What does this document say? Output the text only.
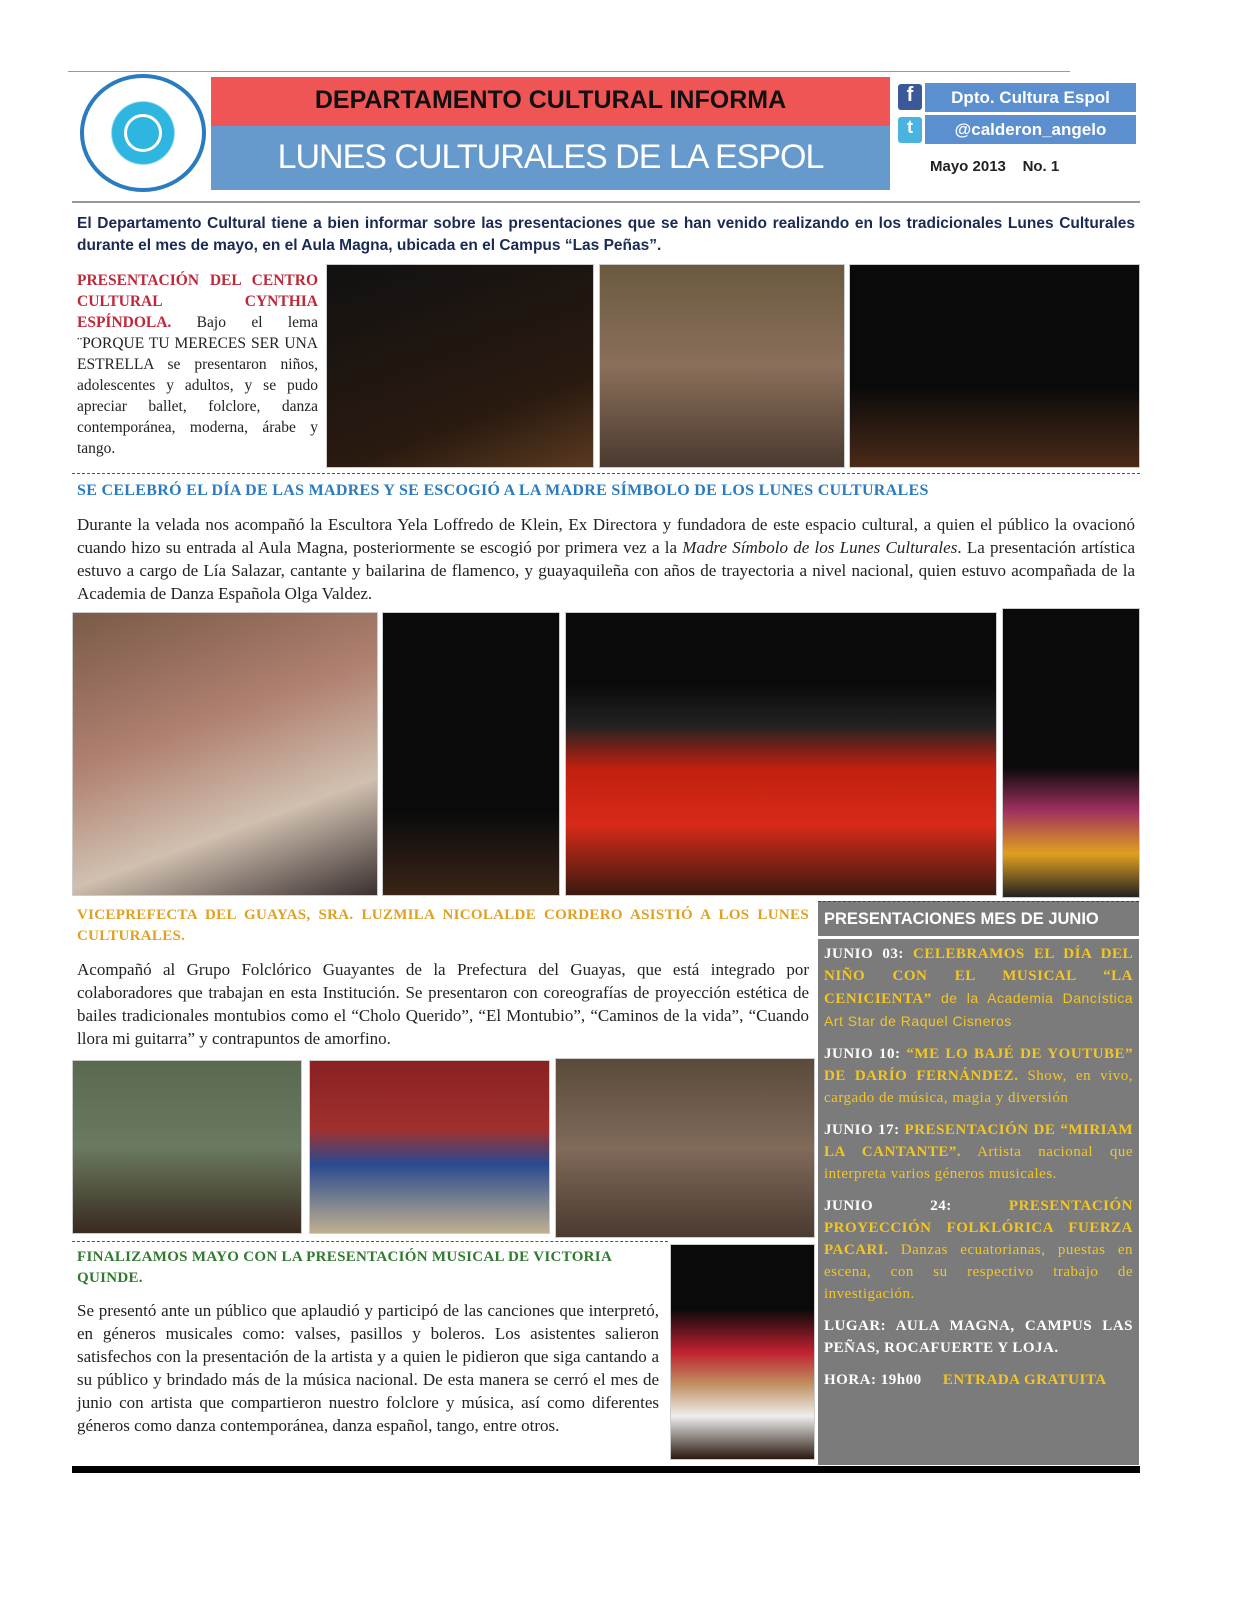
DEPARTAMENTO CULTURAL INFORMA
LUNES CULTURALES DE LA ESPOL
f	Dpto. Cultura Espol
t	@calderon_angelo
Mayo 2013 No. 1
El Departamento Cultural tiene a bien informar sobre las presentaciones que se han venido realizando en los tradicionales Lunes Culturales durante el mes de mayo, en el Aula Magna, ubicada en el Campus “Las Peñas”.
PRESENTACIÓN DEL CENTRO CULTURAL CYNTHIA ESPÍNDOLA. Bajo el lema ¨PORQUE TU MERECES SER UNA ESTRELLA se presentaron niños, adolescentes y adultos, y se pudo apreciar ballet, folclore, danza contemporánea, moderna, árabe y tango.
SE CELEBRÓ EL DÍA DE LAS MADRES Y SE ESCOGIÓ A LA MADRE SÍMBOLO DE LOS LUNES CULTURALES
Durante la velada nos acompañó la Escultora Yela Loffredo de Klein, Ex Directora y fundadora de este espacio cultural, a quien el público la ovacionó cuando hizo su entrada al Aula Magna, posteriormente se escogió por primera vez a la Madre Símbolo de los Lunes Culturales. La presentación artística estuvo a cargo de Lía Salazar, cantante y bailarina de flamenco, y guayaquileña con años de trayectoria a nivel nacional, quien estuvo acompañada de la Academia de Danza Española Olga Valdez.
VICEPREFECTA DEL GUAYAS, SRA. LUZMILA NICOLALDE CORDERO ASISTIÓ A LOS LUNES CULTURALES.
Acompañó al Grupo Folclórico Guayantes de la Prefectura del Guayas, que está integrado por colaboradores que trabajan en esta Institución. Se presentaron con coreografías de proyección estética de bailes tradicionales montubios como el “Cholo Querido”, “El Montubio”, “Caminos de la vida”, “Cuando llora mi guitarra” y contrapuntos de amorfino.
FINALIZAMOS MAYO CON LA PRESENTACIÓN MUSICAL DE VICTORIA QUINDE.
Se presentó ante un público que aplaudió y participó de las canciones que interpretó, en géneros musicales como: valses, pasillos y boleros. Los asistentes salieron satisfechos con la presentación de la artista y a quien le pidieron que siga cantando a su público y brindado más de la música nacional. De esta manera se cerró el mes de junio con artista que compartieron nuestro folclore y música, así como diferentes géneros como danza contemporánea, danza español, tango, entre otros.
PRESENTACIONES MES DE JUNIO

JUNIO 03: CELEBRAMOS EL DÍA DEL NIÑO CON EL MUSICAL “LA CENICIENTA” de la Academia Dancística Art Star de Raquel Cisneros

JUNIO 10: “ME LO BAJÉ DE YOUTUBE” DE DARÍO FERNÁNDEZ. Show, en vivo, cargado de música, magia y diversión

JUNIO 17: PRESENTACIÓN DE “MIRIAM LA CANTANTE”. Artista nacional que interpreta varios géneros musicales.

JUNIO 24: PRESENTACIÓN PROYECCIÓN FOLKLÓRICA FUERZA PACARI. Danzas ecuatorianas, puestas en escena, con su respectivo trabajo de investigación.

LUGAR: AULA MAGNA, CAMPUS LAS PEÑAS, ROCAFUERTE Y LOJA.

HORA: 19h00 ENTRADA GRATUITA
